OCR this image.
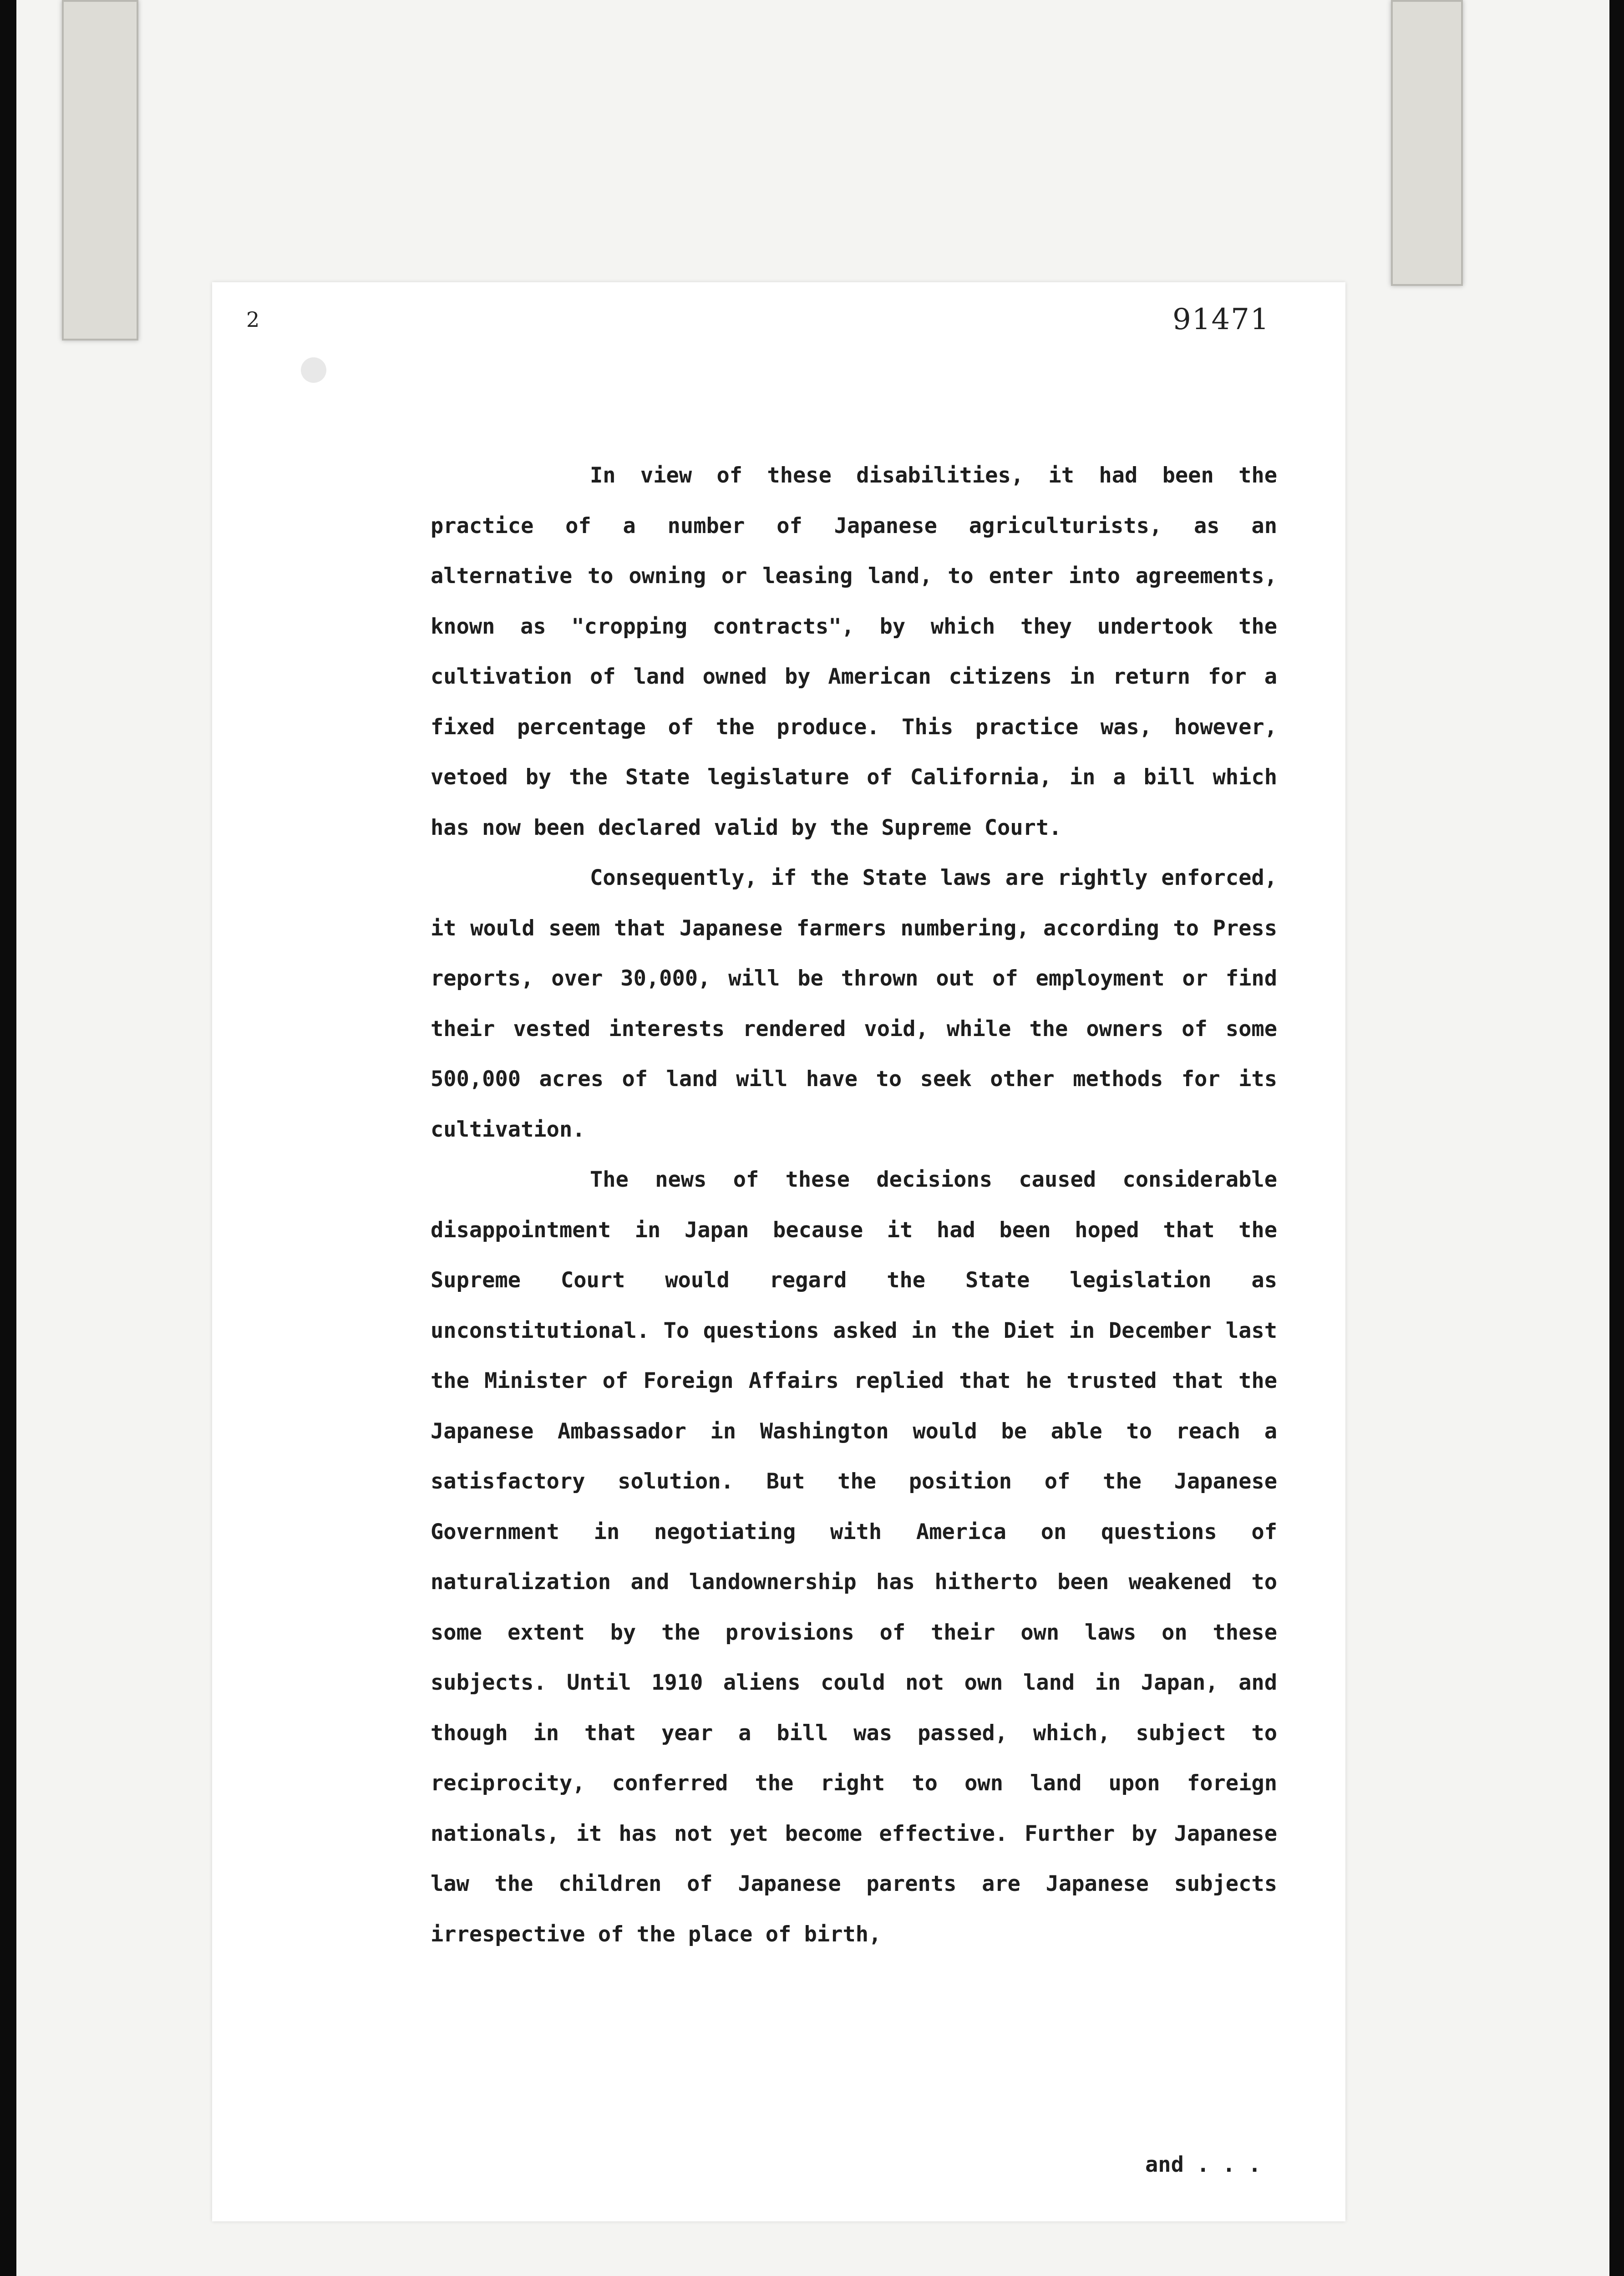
2	91471

In view of these disabilities, it had been the practice of a number of Japanese agriculturists, as an alternative to owning or leasing land, to enter into agreements, known as "cropping contracts", by which they undertook the cultivation of land owned by American citizens in return for a fixed percentage of the produce. This practice was, however, vetoed by the State legislature of California, in a bill which has now been declared valid by the Supreme Court.

Consequently, if the State laws are rightly enforced, it would seem that Japanese farmers numbering, according to Press reports, over 30,000, will be thrown out of employment or find their vested interests rendered void, while the owners of some 500,000 acres of land will have to seek other methods for its cultivation.

The news of these decisions caused considerable disappointment in Japan because it had been hoped that the Supreme Court would regard the State legislation as unconstitutional. To questions asked in the Diet in December last the Minister of Foreign Affairs replied that he trusted that the Japanese Ambassador in Washington would be able to reach a satisfactory solution. But the position of the Japanese Government in negotiating with America on questions of naturalization and landownership has hitherto been weakened to some extent by the provisions of their own laws on these subjects. Until 1910 aliens could not own land in Japan, and though in that year a bill was passed, which, subject to reciprocity, conferred the right to own land upon foreign nationals, it has not yet become effective. Further by Japanese law the children of Japanese parents are Japanese subjects irrespective of the place of birth,

and . . .
